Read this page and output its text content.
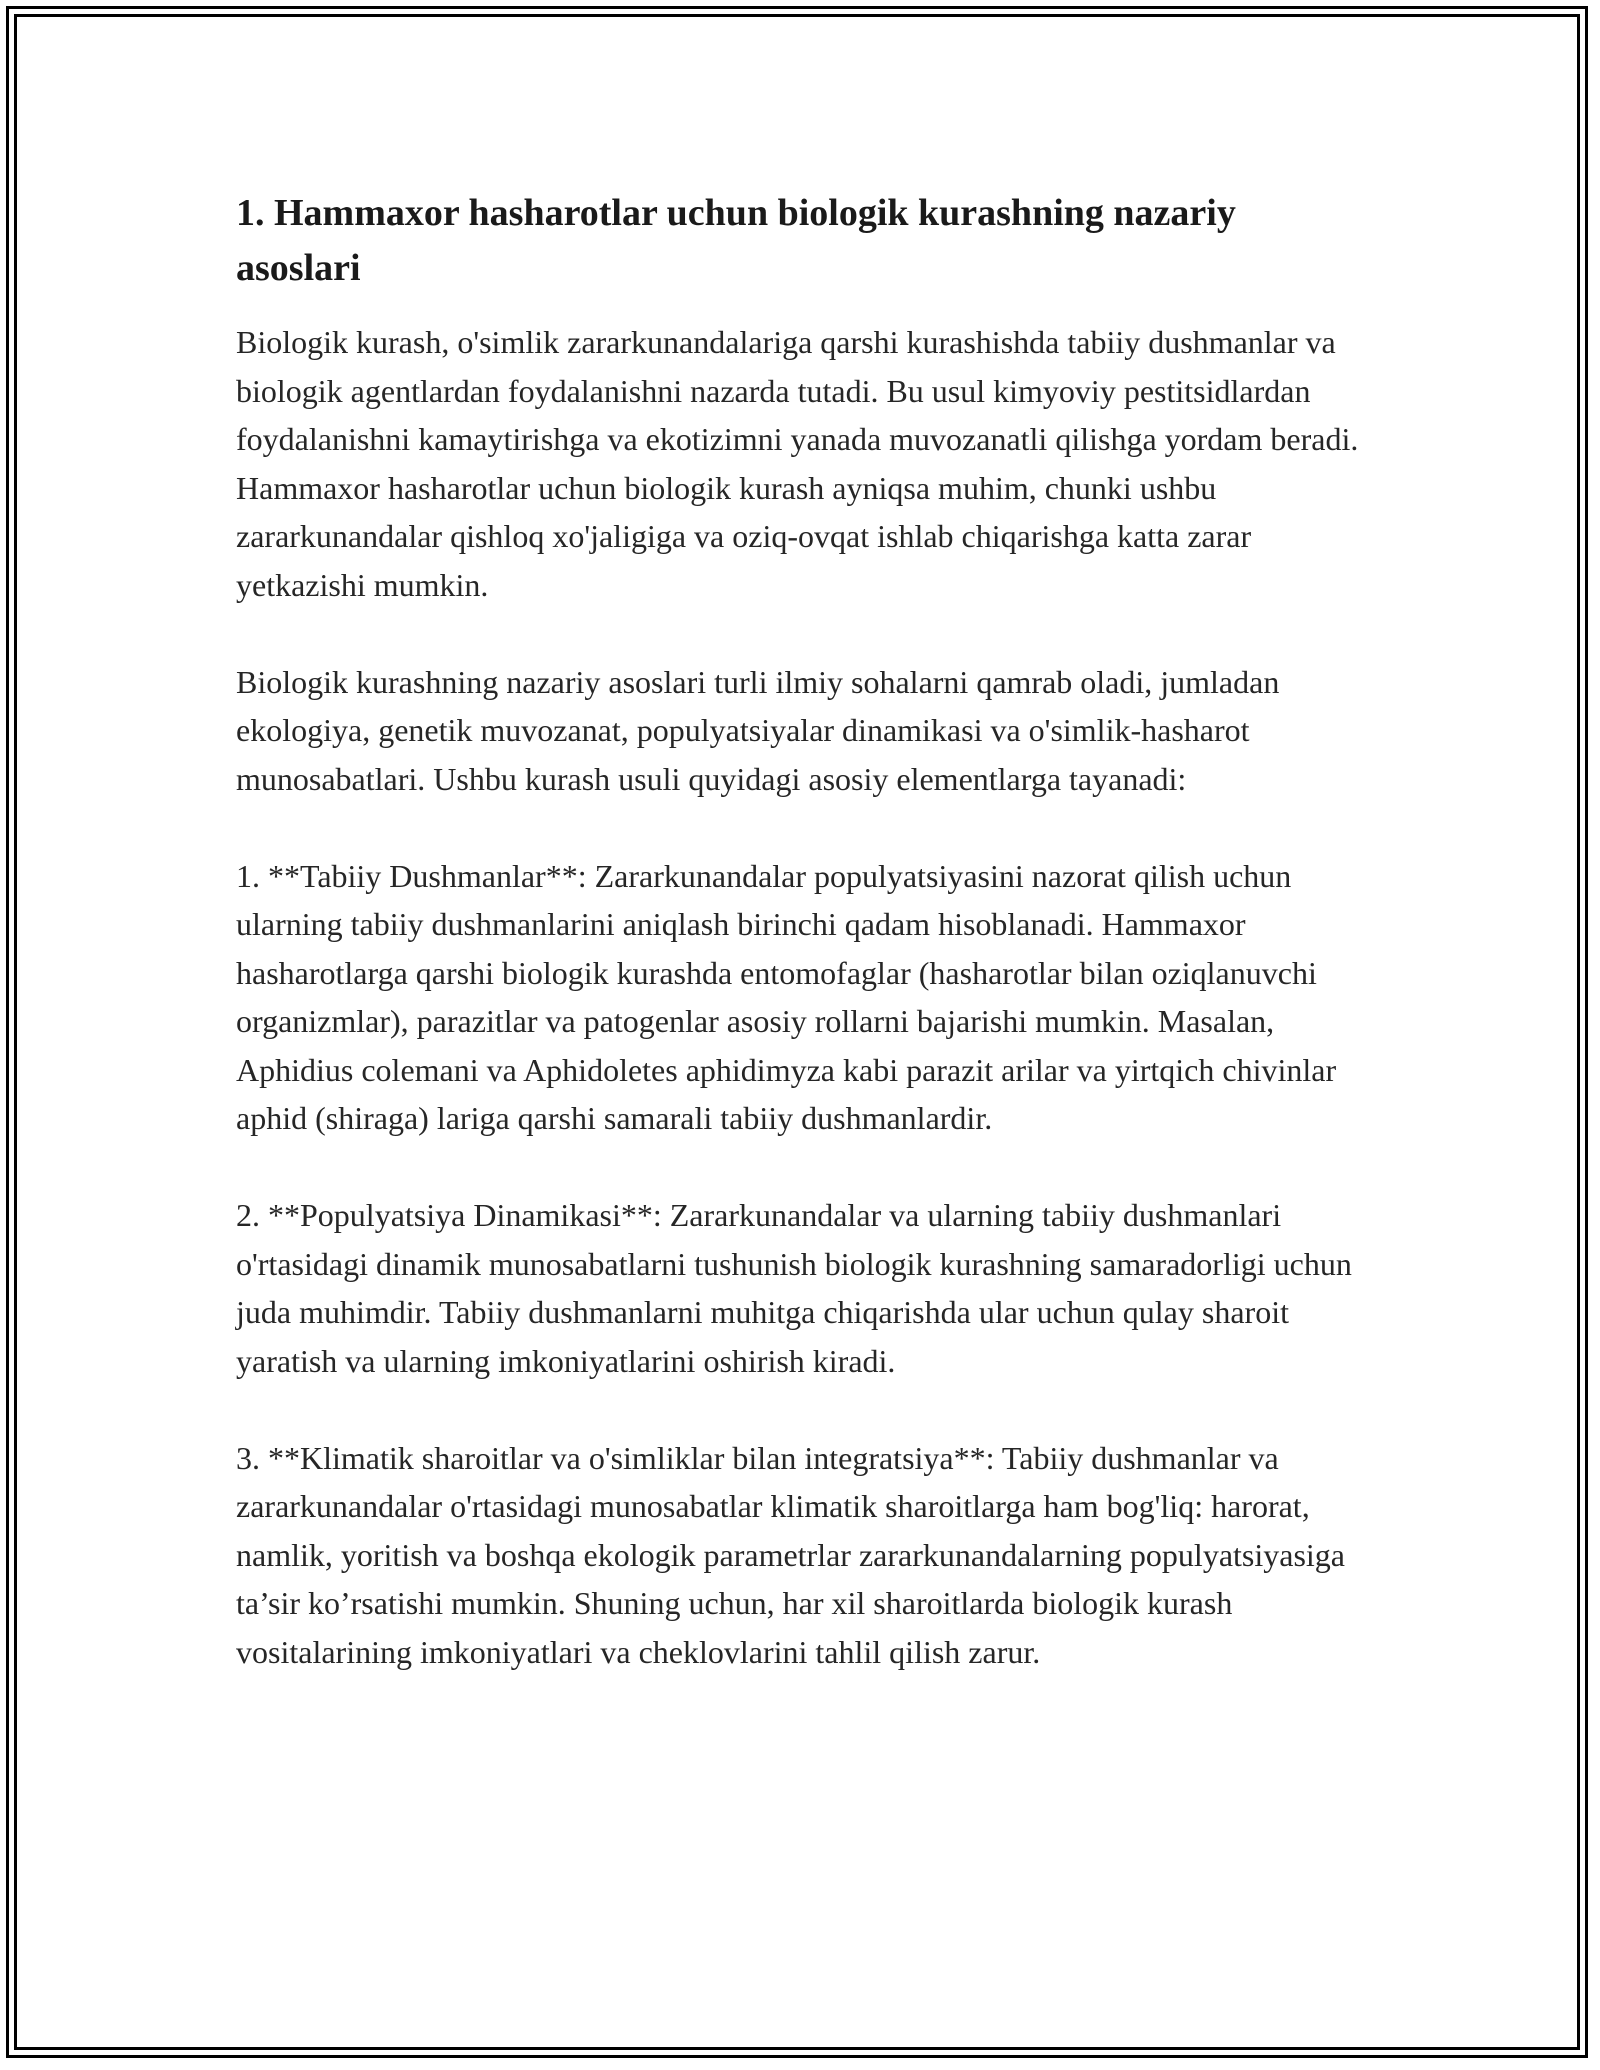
1. Hammaxor hasharotlar uchun biologik kurashning nazariy asoslari

Biologik kurash, o'simlik zararkunandalariga qarshi kurashishda tabiiy dushmanlar va biologik agentlardan foydalanishni nazarda tutadi. Bu usul kimyoviy pestitsidlardan foydalanishni kamaytirishga va ekotizimni yanada muvozanatli qilishga yordam beradi. Hammaxor hasharotlar uchun biologik kurash ayniqsa muhim, chunki ushbu zararkunandalar qishloq xo'jaligiga va oziq-ovqat ishlab chiqarishga katta zarar yetkazishi mumkin.

Biologik kurashning nazariy asoslari turli ilmiy sohalarni qamrab oladi, jumladan ekologiya, genetik muvozanat, populyatsiyalar dinamikasi va o'simlik-hasharot munosabatlari. Ushbu kurash usuli quyidagi asosiy elementlarga tayanadi:

1. **Tabiiy Dushmanlar**: Zararkunandalar populyatsiyasini nazorat qilish uchun ularning tabiiy dushmanlarini aniqlash birinchi qadam hisoblanadi. Hammaxor hasharotlarga qarshi biologik kurashda entomofaglar (hasharotlar bilan oziqlanuvchi organizmlar), parazitlar va patogenlar asosiy rollarni bajarishi mumkin. Masalan, Aphidius colemani va Aphidoletes aphidimyza kabi parazit arilar va yirtqich chivinlar aphid (shiraga) lariga qarshi samarali tabiiy dushmanlardir.

2. **Populyatsiya Dinamikasi**: Zararkunandalar va ularning tabiiy dushmanlari o'rtasidagi dinamik munosabatlarni tushunish biologik kurashning samaradorligi uchun juda muhimdir. Tabiiy dushmanlarni muhitga chiqarishda ular uchun qulay sharoit yaratish va ularning imkoniyatlarini oshirish kiradi.

3. **Klimatik sharoitlar va o'simliklar bilan integratsiya**: Tabiiy dushmanlar va zararkunandalar o'rtasidagi munosabatlar klimatik sharoitlarga ham bog'liq: harorat, namlik, yoritish va boshqa ekologik parametrlar zararkunandalarning populyatsiyasiga ta’sir ko’rsatishi mumkin. Shuning uchun, har xil sharoitlarda biologik kurash vositalarining imkoniyatlari va cheklovlarini tahlil qilish zarur.
